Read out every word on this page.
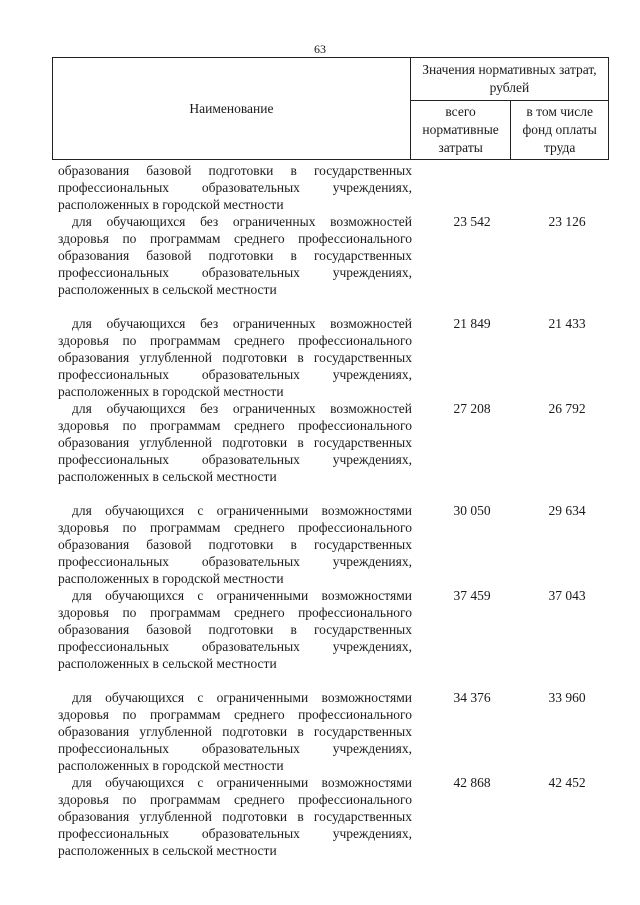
63
Наименование	Значения нормативных затрат, рублей	
	всего нормативные затраты	в том числе фонд оплаты труда
образования базовой подготовки в государственных профессиональных образовательных учреждениях, расположенных в городской местности
для обучающихся без ограниченных возможностей здоровья по программам среднего профессионального образования базовой подготовки в государственных профессиональных образовательных учреждениях, расположенных в сельской местности
23 542	23 126
для обучающихся без ограниченных возможностей здоровья по программам среднего профессионального образования углубленной подготовки в государственных профессиональных образовательных учреждениях, расположенных в городской местности
21 849	21 433
для обучающихся без ограниченных возможностей здоровья по программам среднего профессионального образования углубленной подготовки в государственных профессиональных образовательных учреждениях, расположенных в сельской местности
27 208	26 792
для обучающихся с ограниченными возможностями здоровья по программам среднего профессионального образования базовой подготовки в государственных профессиональных образовательных учреждениях, расположенных в городской местности
30 050	29 634
для обучающихся с ограниченными возможностями здоровья по программам среднего профессионального образования базовой подготовки в государственных профессиональных образовательных учреждениях, расположенных в сельской местности
37 459	37 043
для обучающихся с ограниченными возможностями здоровья по программам среднего профессионального образования углубленной подготовки в государственных профессиональных образовательных учреждениях, расположенных в городской местности
34 376	33 960
для обучающихся с ограниченными возможностями здоровья по программам среднего профессионального образования углубленной подготовки в государственных профессиональных образовательных учреждениях, расположенных в сельской местности
42 868	42 452
